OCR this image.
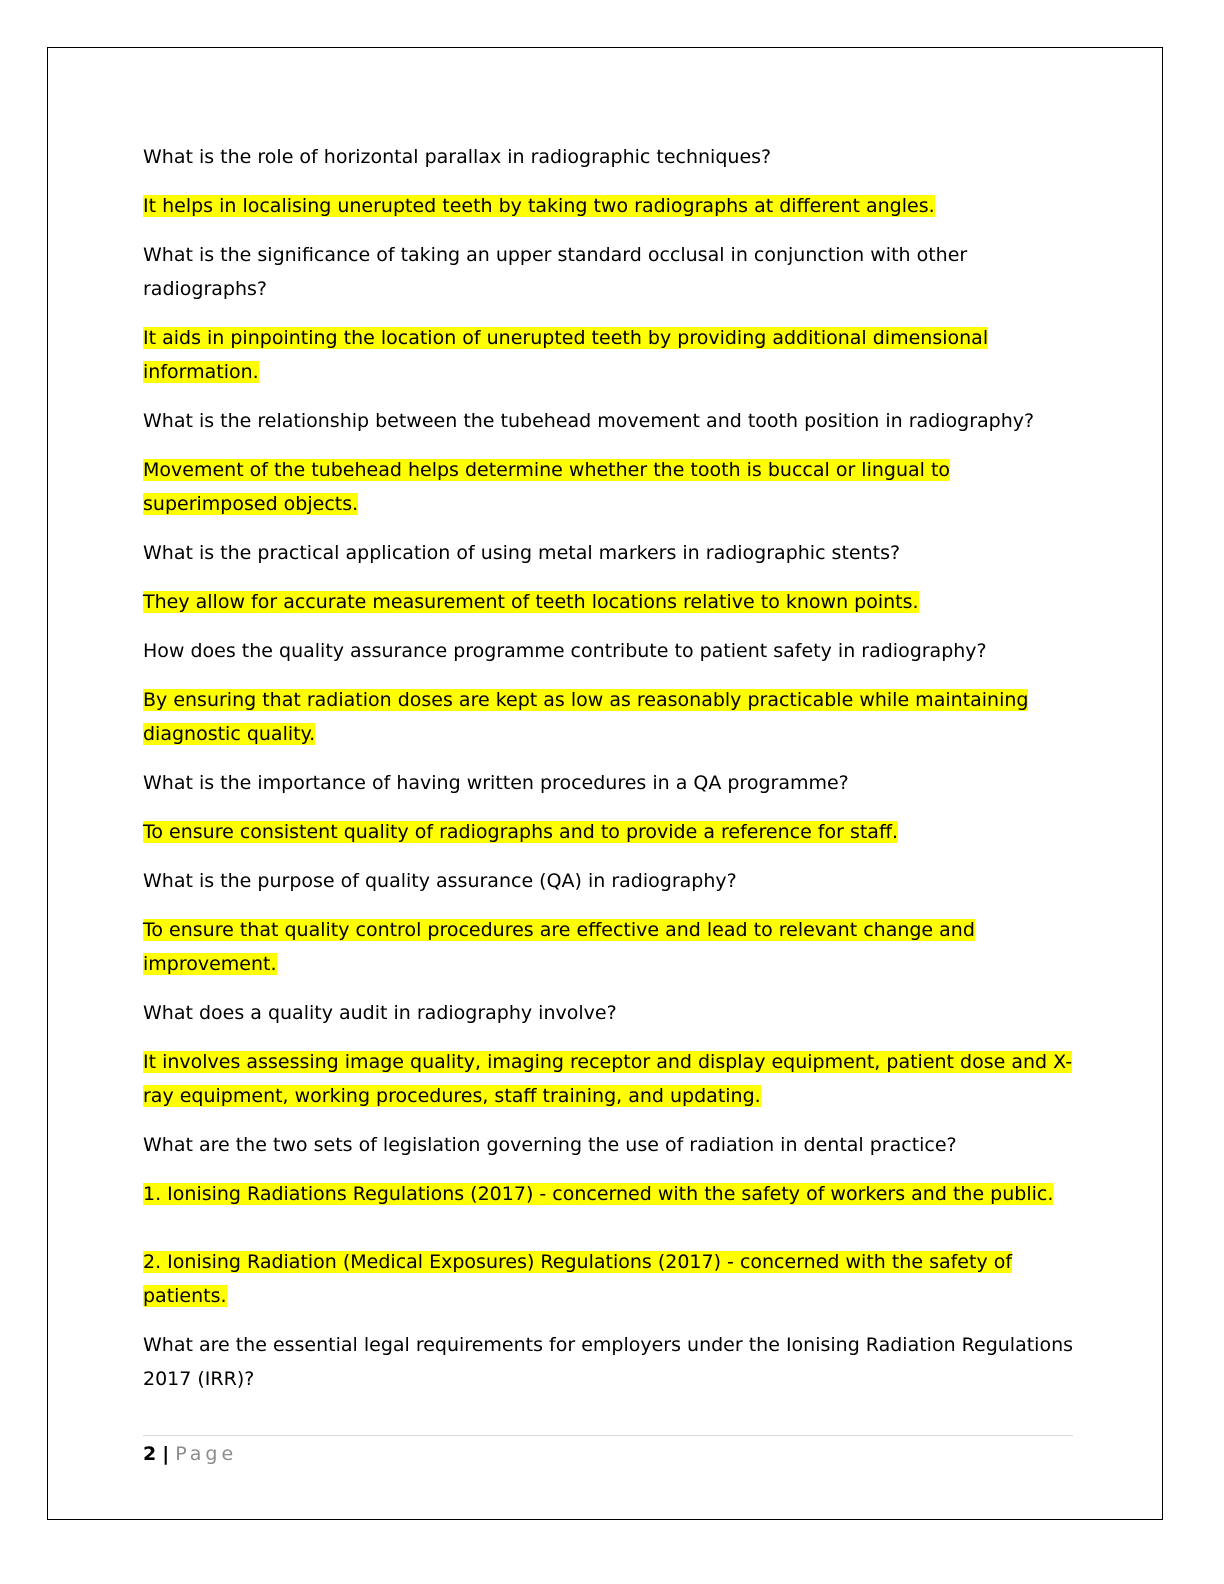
What is the role of horizontal parallax in radiographic techniques?

It helps in localising unerupted teeth by taking two radiographs at different angles.

What is the significance of taking an upper standard occlusal in conjunction with other radiographs?

It aids in pinpointing the location of unerupted teeth by providing additional dimensional information.

What is the relationship between the tubehead movement and tooth position in radiography?

Movement of the tubehead helps determine whether the tooth is buccal or lingual to superimposed objects.

What is the practical application of using metal markers in radiographic stents?

They allow for accurate measurement of teeth locations relative to known points.

How does the quality assurance programme contribute to patient safety in radiography?

By ensuring that radiation doses are kept as low as reasonably practicable while maintaining diagnostic quality.

What is the importance of having written procedures in a QA programme?

To ensure consistent quality of radiographs and to provide a reference for staff.

What is the purpose of quality assurance (QA) in radiography?

To ensure that quality control procedures are effective and lead to relevant change and improvement.

What does a quality audit in radiography involve?

It involves assessing image quality, imaging receptor and display equipment, patient dose and X-ray equipment, working procedures, staff training, and updating.

What are the two sets of legislation governing the use of radiation in dental practice?

1. Ionising Radiations Regulations (2017) - concerned with the safety of workers and the public.

2. Ionising Radiation (Medical Exposures) Regulations (2017) - concerned with the safety of patients.

What are the essential legal requirements for employers under the Ionising Radiation Regulations 2017 (IRR)?

2 | Page
